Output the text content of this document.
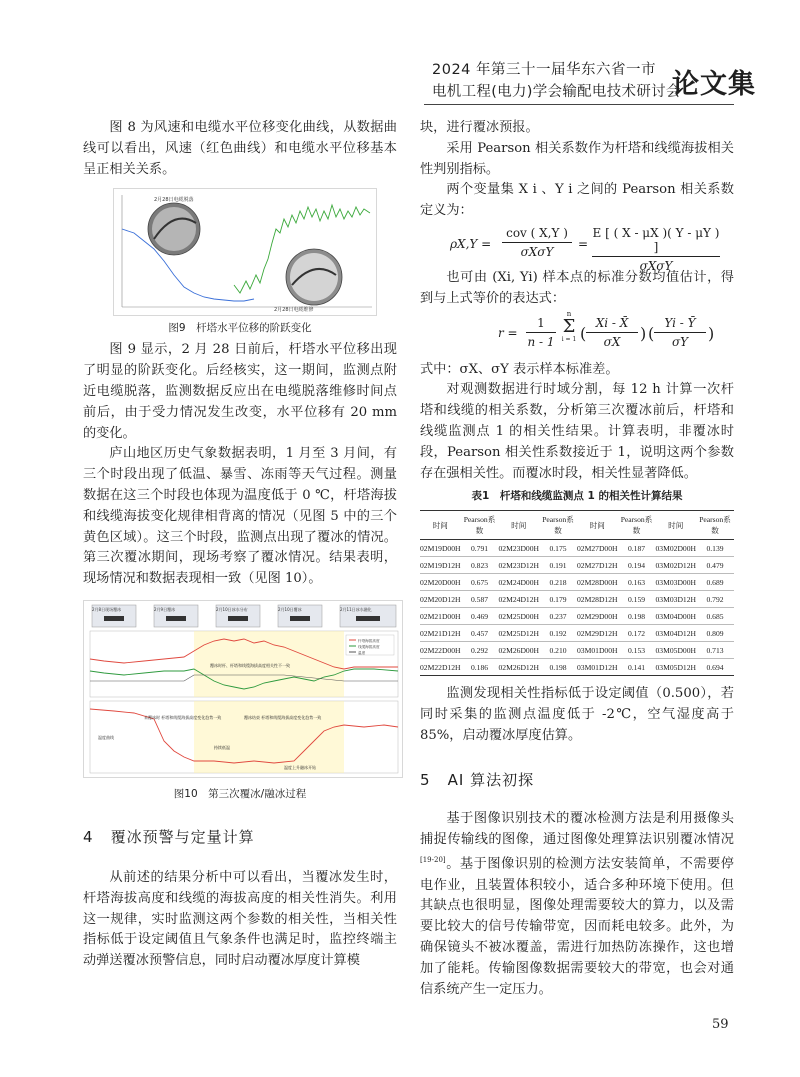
2024 年第三十一届华东六省一市
电机工程(电力)学会输配电技术研讨会
论文集

图 8 为风速和电缆水平位移变化曲线，从数据曲线可以看出，风速（红色曲线）和电缆水平位移基本呈正相关关系。

2月28日电缆脱落
2月28日电缆维修
图9　杆塔水平位移的阶跃变化

图 9 显示，2 月 28 日前后，杆塔水平位移出现了明显的阶跃变化。后经核实，这一期间，监测点附近电缆脱落，监测数据反应出在电缆脱落维修时间点前后，由于受力情况发生改变，水平位移有 20 mm 的变化。

庐山地区历史气象数据表明，1 月至 3 月间，有三个时段出现了低温、暴雪、冻雨等天气过程。测量数据在这三个时段也体现为温度低于 0 ℃，杆塔海拔和线缆海拔变化规律相背离的情况（见图 5 中的三个黄色区域）。这三个时段，监测点出现了覆冰的情况。第三次覆冰期间，现场考察了覆冰情况。结果表明，现场情况和数据表现相一致（见图 10）。

2月8日现场覆冰	2月9日覆冰	2月10日冰水分布	2月10日覆冰	2月11日冰水融化
杆塔海拔高度
线缆海拔高度
温度
覆冰时杆、杆塔和线缆海拔高度相关性不一致
未覆冰时 杆塔和线缆海拔高度变化趋势一致	覆冰结束 杆塔和线缆海拔高度变化趋势一致
温度曲线
持续低温
温度上升融冰开始
图10　第三次覆冰/融冰过程
4 覆冰预警与定量计算

从前述的结果分析中可以看出，当覆冰发生时，杆塔海拔高度和线缆的海拔高度的相关性消失。利用这一规律，实时监测这两个参数的相关性，当相关性指标低于设定阈值且气象条件也满足时，监控终端主动弹送覆冰预警信息，同时启动覆冰厚度计算模

块，进行覆冰预报。

采用 Pearson 相关系数作为杆塔和线缆海拔相关性判别指标。

两个变量集 X i 、Y i 之间的 Pearson 相关系数定义为：

ρX,Y =
cov ( X,Y )
σXσY
=
E [ ( X - μX )( Y - μY ) ]
σXσY

也可由 (Xi, Yi) 样本点的标准分数均值估计，得到与上式等价的表达式：

r =
1
n - 1
n
Σ
i = 1 (
Xi - X̄
σX	) (
Yi - Ȳ
σY	)

式中：σX、σY 表示样本标准差。

对观测数据进行时域分割，每 12 h 计算一次杆塔和线缆的相关系数，分析第三次覆冰前后，杆塔和线缆监测点 1 的相关性结果。计算表明，非覆冰时段，Pearson 相关性系数接近于 1，说明这两个参数存在强相关性。而覆冰时段，相关性显著降低。

表1　杆塔和线缆监测点 1 的相关性计算结果
时间	Pearson系数	时间	Pearson系数	时间	Pearson系数	时间	Pearson系数
02M19D00H	0.791	02M23D00H	0.175	02M27D00H	0.187	03M02D00H	0.139
02M19D12H	0.823	02M23D12H	0.191	02M27D12H	0.194	03M02D12H	0.479
02M20D00H	0.675	02M24D00H	0.218	02M28D00H	0.163	03M03D00H	0.689
02M20D12H	0.587	02M24D12H	0.179	02M28D12H	0.159	03M03D12H	0.792
02M21D00H	0.469	02M25D00H	0.237	02M29D00H	0.198	03M04D00H	0.685
02M21D12H	0.457	02M25D12H	0.192	02M29D12H	0.172	03M04D12H	0.809
02M22D00H	0.292	02M26D00H	0.210	03M01D00H	0.153	03M05D00H	0.713
02M22D12H	0.186	02M26D12H	0.198	03M01D12H	0.141	03M05D12H	0.694

监测发现相关性指标低于设定阈值（0.500），若同时采集的监测点温度低于 -2℃，空气湿度高于 85%，启动覆冰厚度估算。

5 AI 算法初探

基于图像识别技术的覆冰检测方法是利用摄像头捕捉传输线的图像，通过图像处理算法识别覆冰情况[19-20]。基于图像识别的检测方法安装简单，不需要停电作业，且装置体积较小，适合多种环境下使用。但其缺点也很明显，图像处理需要较大的算力，以及需要比较大的信号传输带宽，因而耗电较多。此外，为确保镜头不被冰覆盖，需进行加热防冻操作，这也增加了能耗。传输图像数据需要较大的带宽，也会对通信系统产生一定压力。

59
